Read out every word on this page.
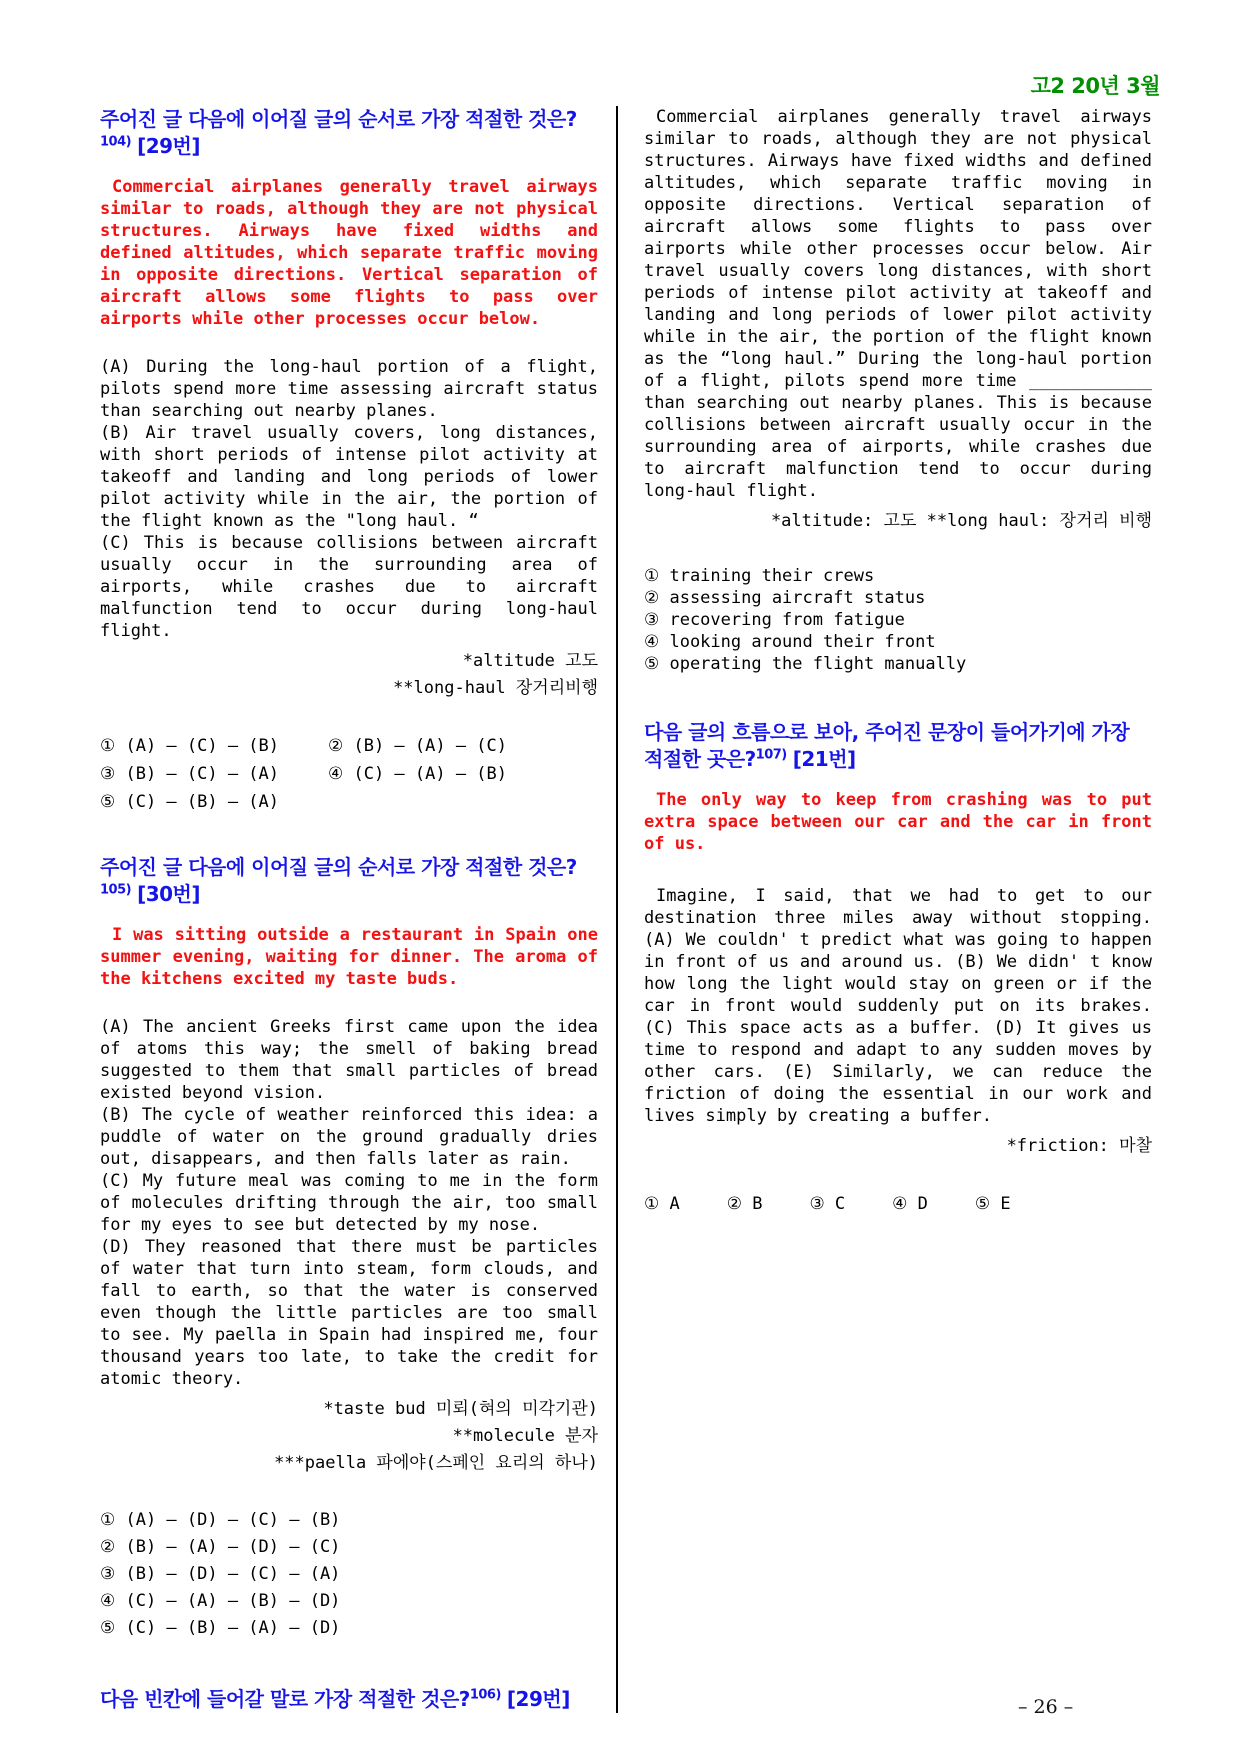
고2 20년 3월
주어진 글 다음에 이어질 글의 순서로 가장 적절한 것은?$^{104)}$ [29번]

Commercial airplanes generally travel airways similar to roads, although they are not physical structures. Airways have fixed widths and defined altitudes, which separate traffic moving in opposite directions. Vertical separation of aircraft allows some flights to pass over airports while other processes occur below.

(A) During the long-haul portion of a flight, pilots spend more time assessing aircraft status than searching out nearby planes.

(B) Air travel usually covers, long distances, with short periods of intense pilot activity at takeoff and landing and long periods of lower pilot activity while in the air, the portion of the flight known as the "long haul. “

(C) This is because collisions between aircraft usually occur in the surrounding area of airports, while crashes due to aircraft malfunction tend to occur during long-haul flight.

*altitude 고도
**long-haul 장거리비행
① (A) – (C) – (B)	② (B) – (A) – (C)
③ (B) – (C) – (A)	④ (C) – (A) – (B)
⑤ (C) – (B) – (A)
주어진 글 다음에 이어질 글의 순서로 가장 적절한 것은?$^{105)}$ [30번]

I was sitting outside a restaurant in Spain one summer evening, waiting for dinner. The aroma of the kitchens excited my taste buds.

(A) The ancient Greeks first came upon the idea of atoms this way; the smell of baking bread suggested to them that small particles of bread existed beyond vision.

(B) The cycle of weather reinforced this idea: a puddle of water on the ground gradually dries out, disappears, and then falls later as rain.

(C) My future meal was coming to me in the form of molecules drifting through the air, too small for my eyes to see but detected by my nose.

(D) They reasoned that there must be particles of water that turn into steam, form clouds, and fall to earth, so that the water is conserved even though the little particles are too small to see. My paella in Spain had inspired me, four thousand years too late, to take the credit for atomic theory.

*taste bud 미뢰(혀의 미각기관)
**molecule 분자
***paella 파에야(스페인 요리의 하나)
① (A) – (D) – (C) – (B)
② (B) – (A) – (D) – (C)
③ (B) – (D) – (C) – (A)
④ (C) – (A) – (B) – (D)
⑤ (C) – (B) – (A) – (D)
다음 빈칸에 들어갈 말로 가장 적절한 것은?$^{106)}$ [29번]

Commercial airplanes generally travel airways similar to roads, although they are not physical structures. Airways have fixed widths and defined altitudes, which separate traffic moving in opposite directions. Vertical separation of aircraft allows some flights to pass over airports while other processes occur below. Air travel usually covers long distances, with short periods of intense pilot activity at takeoff and landing and long periods of lower pilot activity while in the air, the portion of the flight known as the “long haul.” During the long-haul portion of a flight, pilots spend more time ____________ than searching out nearby planes. This is because collisions between aircraft usually occur in the surrounding area of airports, while crashes due to aircraft malfunction tend to occur during long-haul flight.

*altitude: 고도 **long haul: 장거리 비행
① training their crews
② assessing aircraft status
③ recovering from fatigue
④ looking around their front
⑤ operating the flight manually
다음 글의 흐름으로 보아, 주어진 문장이 들어가기에 가장 적절한 곳은?$^{107)}$ [21번]

The only way to keep from crashing was to put extra space between our car and the car in front of us.

Imagine, I said, that we had to get to our destination three miles away without stopping. (A) We couldn' t predict what was going to happen in front of us and around us. (B) We didn' t know how long the light would stay on green or if the car in front would suddenly put on its brakes. (C) This space acts as a buffer. (D) It gives us time to respond and adapt to any sudden moves by other cars. (E) Similarly, we can reduce the friction of doing the essential in our work and lives simply by creating a buffer.

*friction: 마찰
① A	② B	③ C	④ D	⑤ E
– 26 –
